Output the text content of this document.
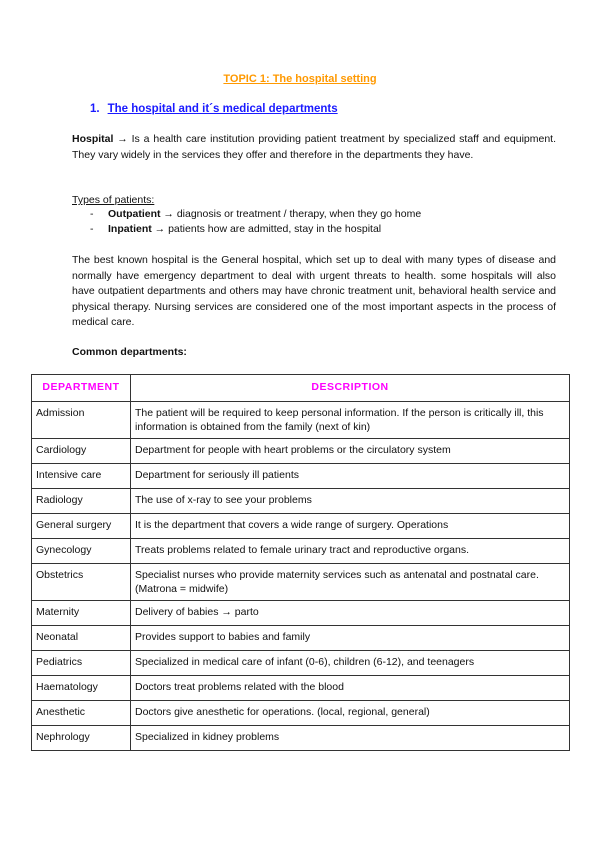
TOPIC 1: The hospital setting
1. The hospital and it´s medical departments
Hospital → Is a health care institution providing patient treatment by specialized staff and equipment. They vary widely in the services they offer and therefore in the departments they have.
Types of patients:
- Outpatient → diagnosis or treatment / therapy, when they go home
- Inpatient → patients how are admitted, stay in the hospital
The best known hospital is the General hospital, which set up to deal with many types of disease and normally have emergency department to deal with urgent threats to health. some hospitals will also have outpatient departments and others may have chronic treatment unit, behavioral health service and physical therapy. Nursing services are considered one of the most important aspects in the process of medical care.
Common departments:
DEPARTMENT	DESCRIPTION
Admission	The patient will be required to keep personal information. If the person is critically ill, this information is obtained from the family (next of kin)
Cardiology	Department for people with heart problems or the circulatory system
Intensive care	Department for seriously ill patients
Radiology	The use of x-ray to see your problems
General surgery	It is the department that covers a wide range of surgery. Operations
Gynecology	Treats problems related to female urinary tract and reproductive organs.
Obstetrics	Specialist nurses who provide maternity services such as antenatal and postnatal care. (Matrona = midwife)
Maternity	Delivery of babies → parto
Neonatal	Provides support to babies and family
Pediatrics	Specialized in medical care of infant (0-6), children (6-12), and teenagers
Haematology	Doctors treat problems related with the blood
Anesthetic	Doctors give anesthetic for operations. (local, regional, general)
Nephrology	Specialized in kidney problems
